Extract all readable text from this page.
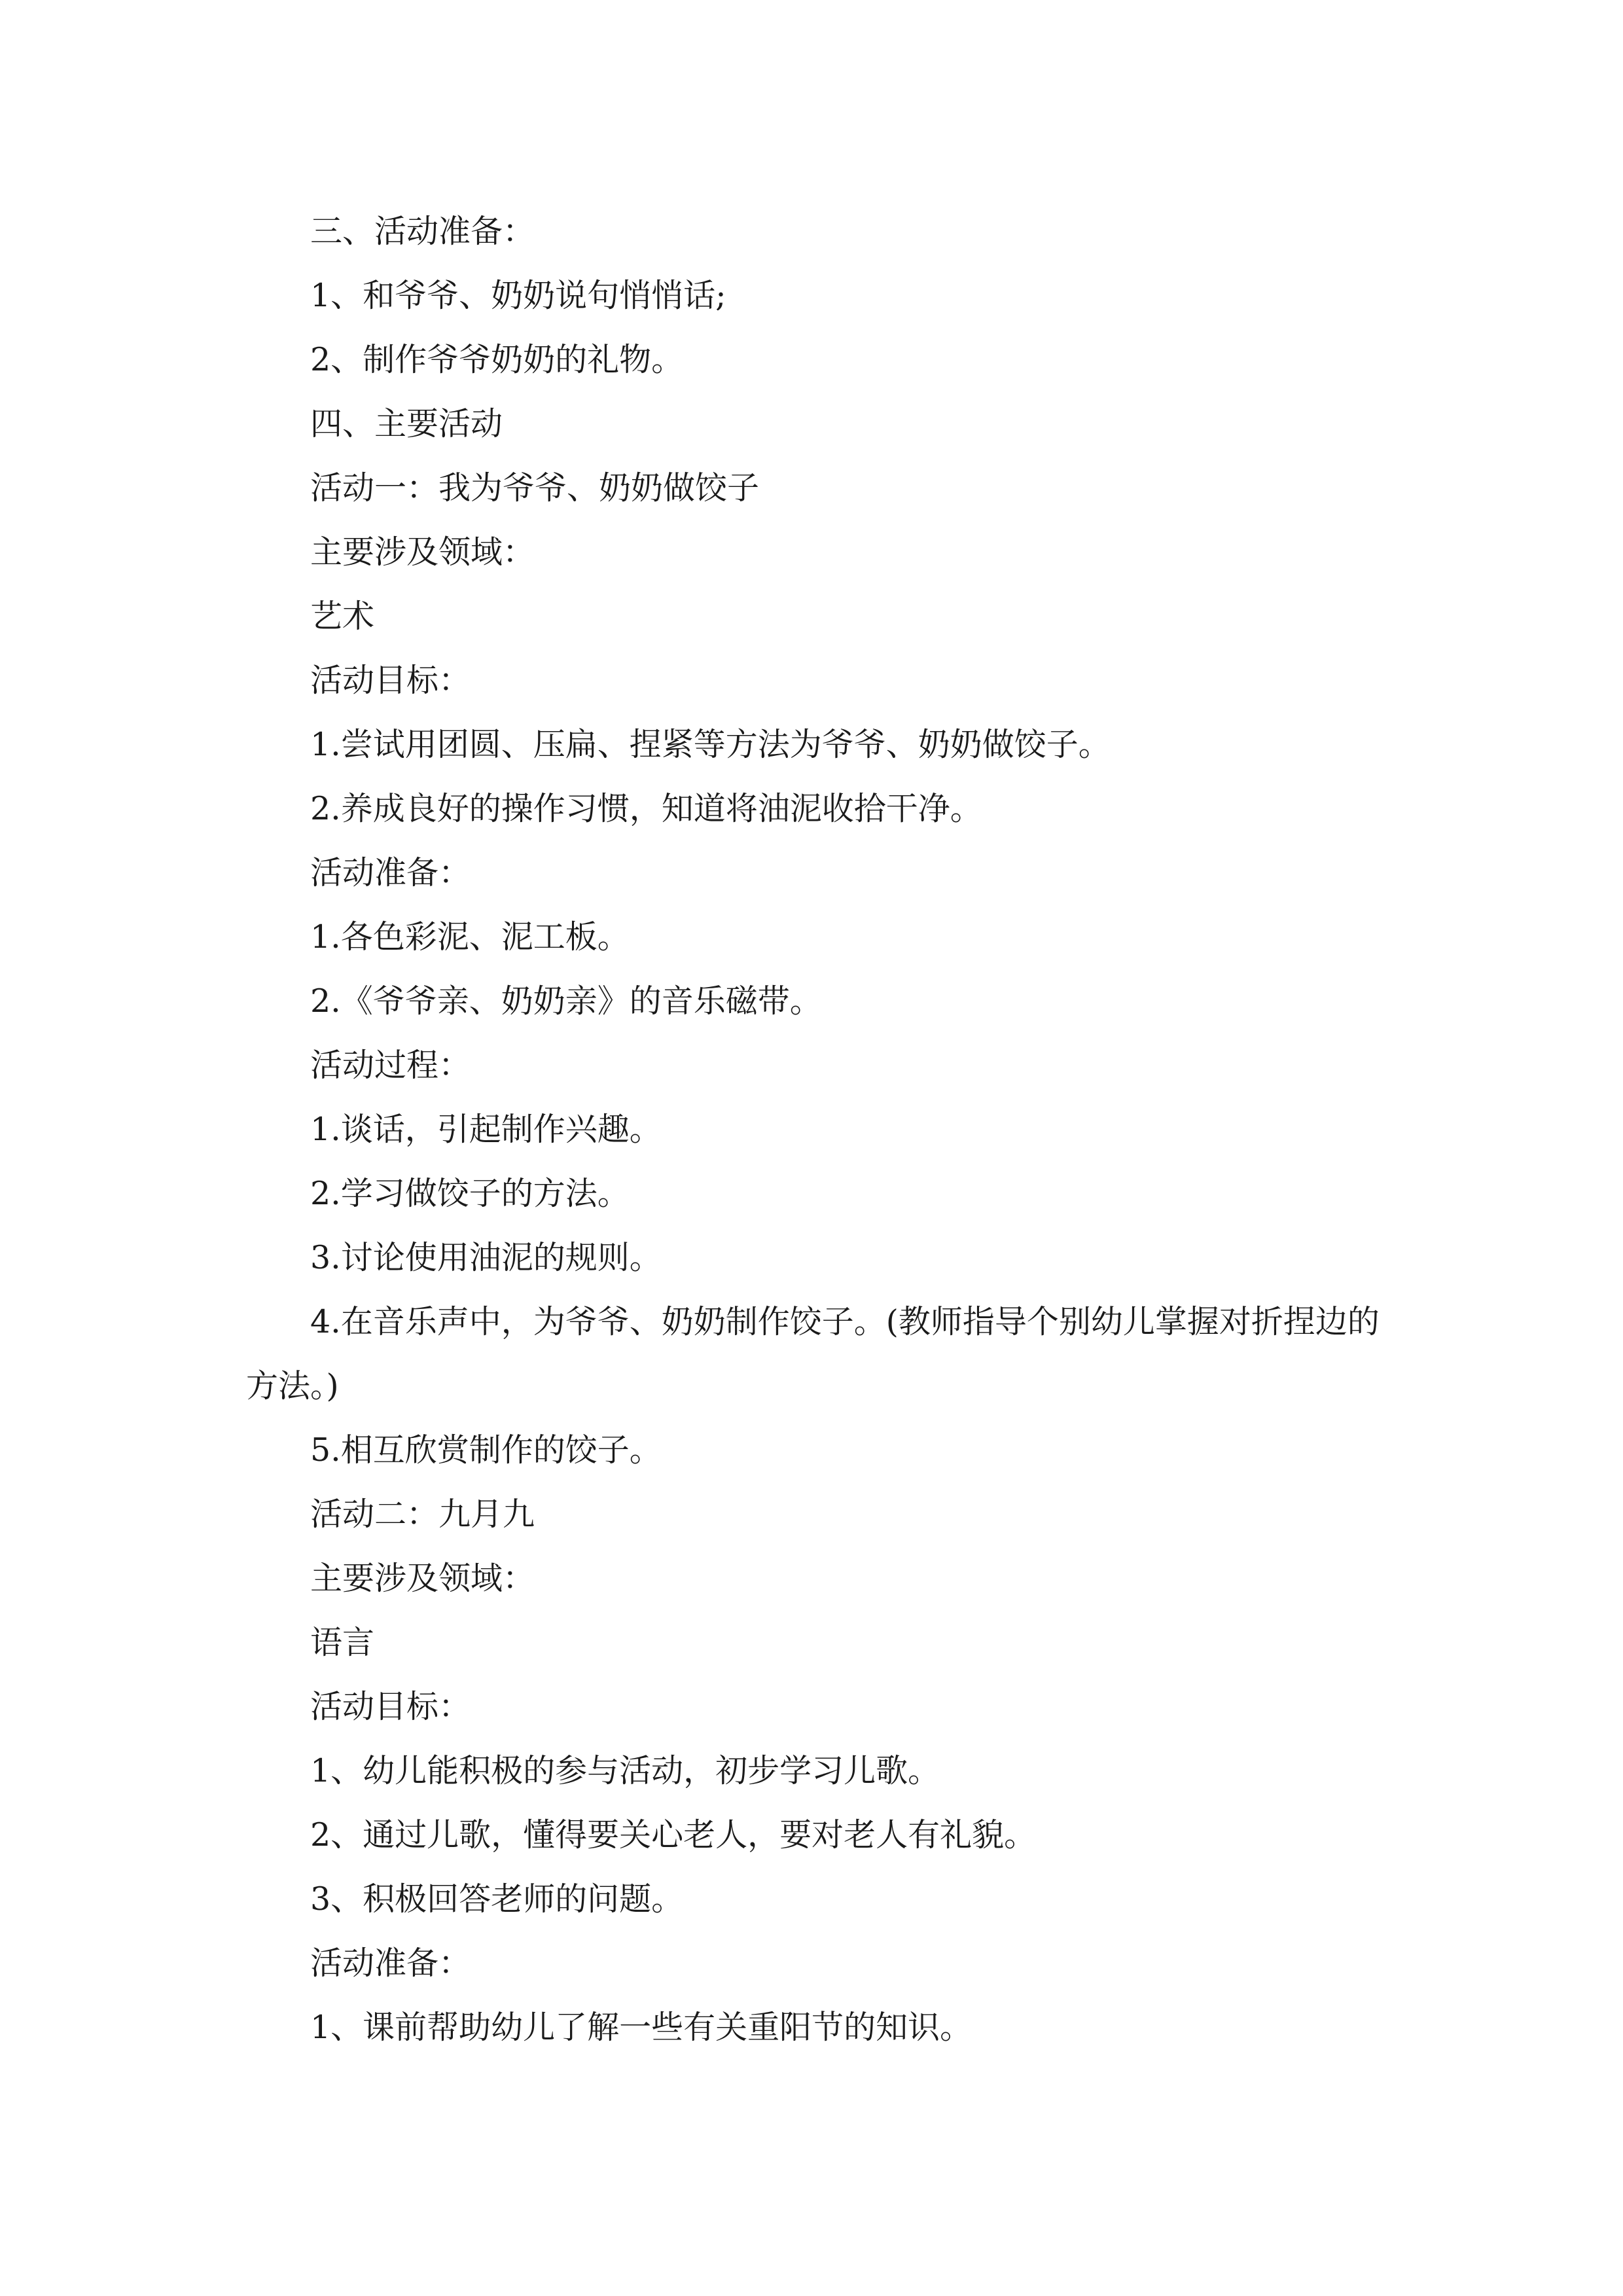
三、活动准备：

1、和爷爷、奶奶说句悄悄话;

2、制作爷爷奶奶的礼物。

四、主要活动

活动一：我为爷爷、奶奶做饺子

主要涉及领域：

艺术

活动目标：

1.尝试用团圆、压扁、捏紧等方法为爷爷、奶奶做饺子。

2.养成良好的操作习惯，知道将油泥收拾干净。

活动准备：

1.各色彩泥、泥工板。

2.《爷爷亲、奶奶亲》的音乐磁带。

活动过程：

1.谈话，引起制作兴趣。

2.学习做饺子的方法。

3.讨论使用油泥的规则。

4.在音乐声中，为爷爷、奶奶制作饺子。(教师指导个别幼儿掌握对折捏边的方法。)

5.相互欣赏制作的饺子。

活动二：九月九

主要涉及领域：

语言

活动目标：

1、幼儿能积极的参与活动，初步学习儿歌。

2、通过儿歌，懂得要关心老人，要对老人有礼貌。

3、积极回答老师的问题。

活动准备：

1、课前帮助幼儿了解一些有关重阳节的知识。
